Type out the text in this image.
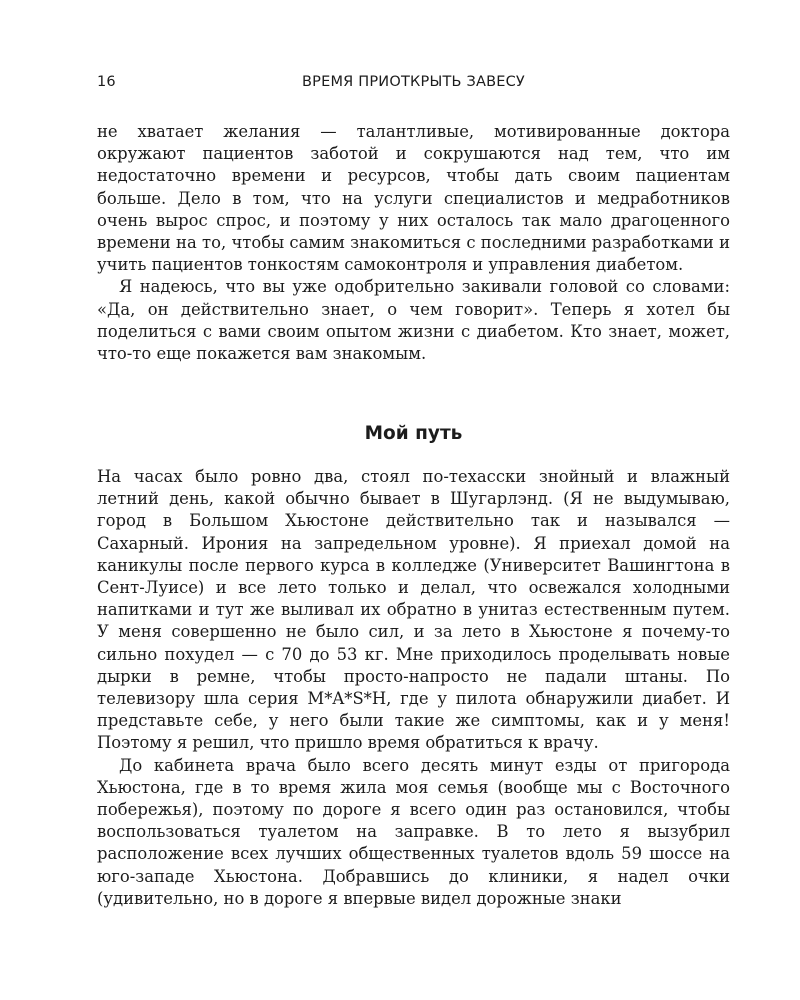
16	ВРЕМЯ ПРИОТКРЫТЬ ЗАВЕСУ

не хватает желания — талантливые, мотивированные доктора окружают пациентов заботой и сокрушаются над тем, что им недостаточно времени и ресурсов, чтобы дать своим пациентам больше. Дело в том, что на услуги специалистов и медработников очень вырос спрос, и поэтому у них осталось так мало драгоценного времени на то, чтобы самим знакомиться с последними разработками и учить пациентов тонкостям самоконтроля и управления диабетом.

Я надеюсь, что вы уже одобрительно закивали головой со словами: «Да, он действительно знает, о чем говорит». Теперь я хотел бы поделиться с вами своим опытом жизни с диабетом. Кто знает, может, что-то еще покажется вам знакомым.

Мой путь

На часах было ровно два, стоял по-техасски знойный и влажный летний день, какой обычно бывает в Шугарлэнд. (Я не выдумываю, город в Большом Хьюстоне действительно так и назывался — Сахарный. Ирония на запредельном уровне). Я приехал домой на каникулы после первого курса в колледже (Университет Вашингтона в Сент-Луисе) и все лето только и делал, что освежался холодными напитками и тут же выливал их обратно в унитаз естественным путем. У меня совершенно не было сил, и за лето в Хьюстоне я почему-то сильно похудел — с 70 до 53 кг. Мне приходилось проделывать новые дырки в ремне, чтобы просто-напросто не падали штаны. По телевизору шла серия M*A*S*H, где у пилота обнаружили диабет. И представьте себе, у него были такие же симптомы, как и у меня! Поэтому я решил, что пришло время обратиться к врачу.

До кабинета врача было всего десять минут езды от пригорода Хьюстона, где в то время жила моя семья (вообще мы с Восточного побережья), поэтому по дороге я всего один раз остановился, чтобы воспользоваться туалетом на заправке. В то лето я вызубрил расположение всех лучших общественных туалетов вдоль 59 шоссе на юго-западе Хьюстона. Добравшись до клиники, я надел очки (удивительно, но в дороге я впервые видел дорожные знаки
